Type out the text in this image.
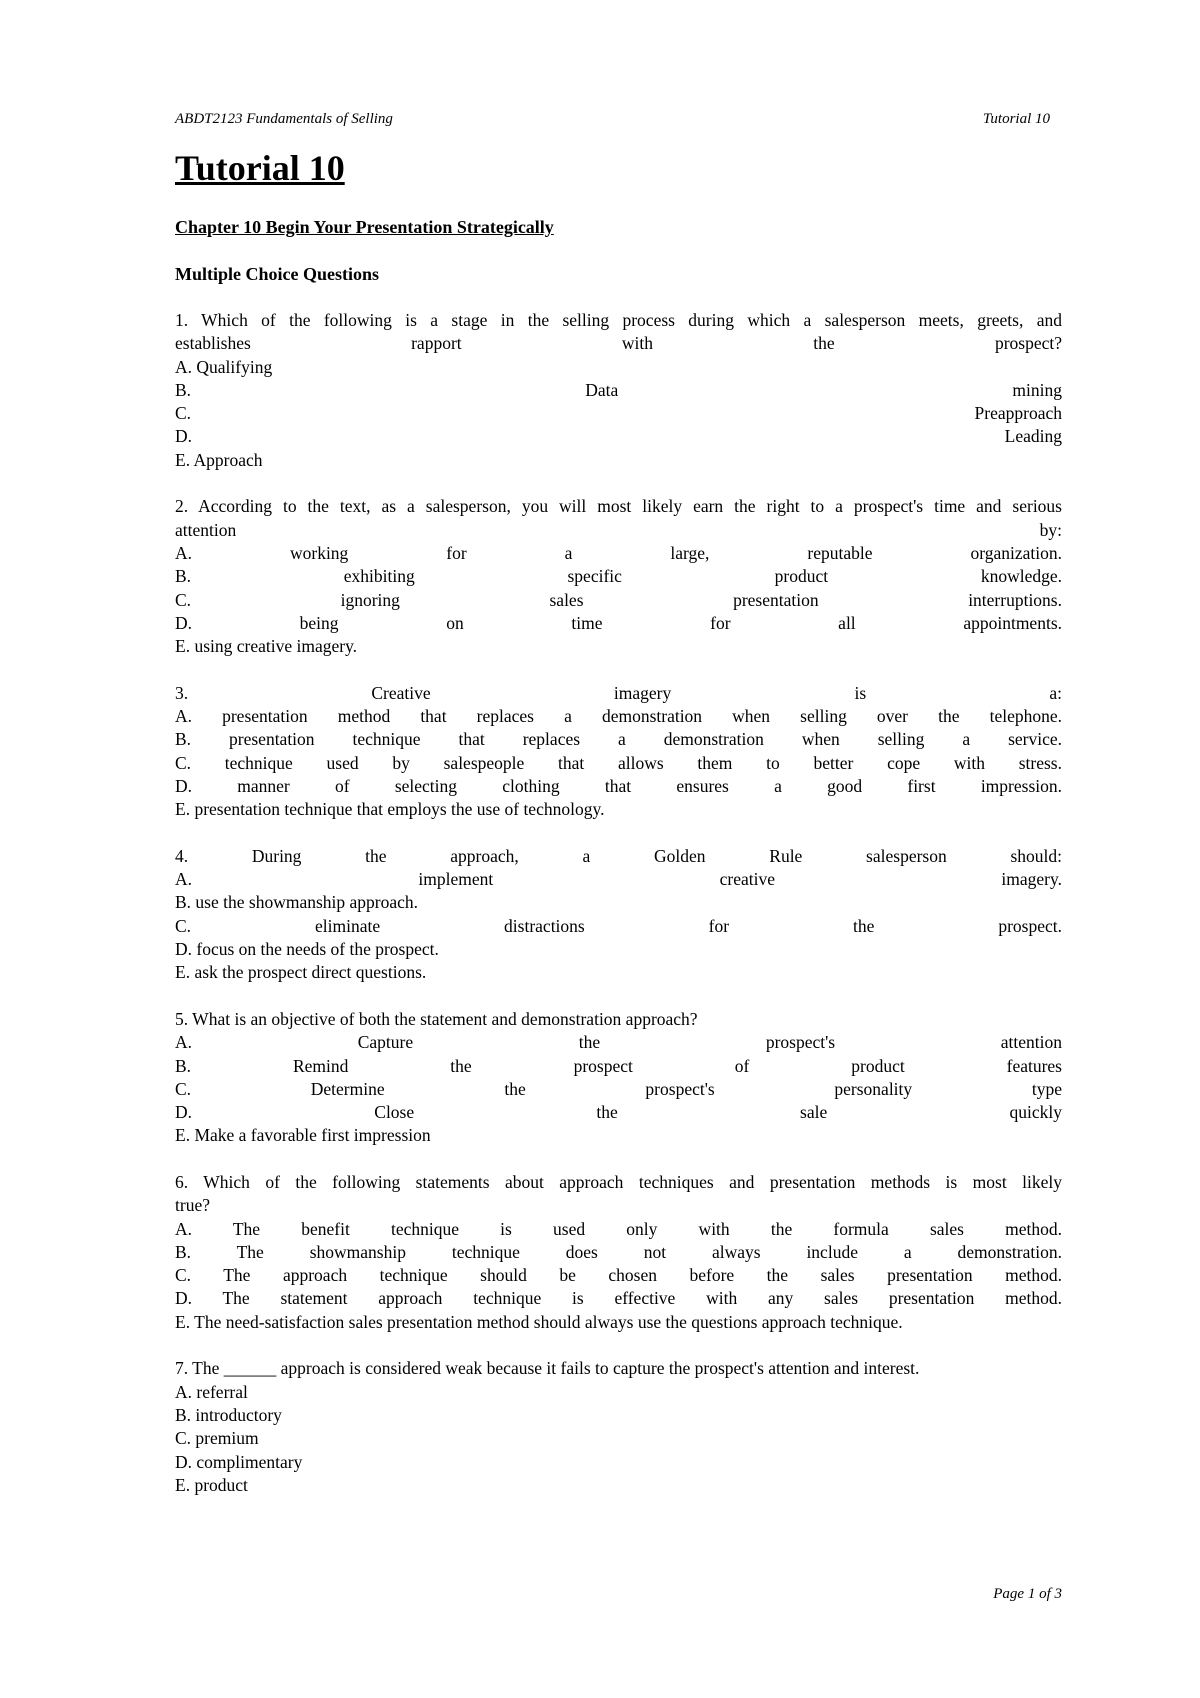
ABDT2123 Fundamentals of Selling	Tutorial 10
Tutorial 10
Chapter 10 Begin Your Presentation Strategically
Multiple Choice Questions
1. Which of the following is a stage in the selling process during which a salesperson meets, greets, and
establishes rapport with the prospect?
A. Qualifying
B. Data mining
C. Preapproach
D. Leading
E. Approach
2. According to the text, as a salesperson, you will most likely earn the right to a prospect's time and serious
attention by:
A. working for a large, reputable organization.
B. exhibiting specific product knowledge.
C. ignoring sales presentation interruptions.
D. being on time for all appointments.
E. using creative imagery.
3. Creative imagery is a:
A. presentation method that replaces a demonstration when selling over the telephone.
B. presentation technique that replaces a demonstration when selling a service.
C. technique used by salespeople that allows them to better cope with stress.
D. manner of selecting clothing that ensures a good first impression.
E. presentation technique that employs the use of technology.
4. During the approach, a Golden Rule salesperson should:
A. implement creative imagery.
B. use the showmanship approach.
C. eliminate distractions for the prospect.
D. focus on the needs of the prospect.
E. ask the prospect direct questions.
5. What is an objective of both the statement and demonstration approach?
A. Capture the prospect's attention
B. Remind the prospect of product features
C. Determine the prospect's personality type
D. Close the sale quickly
E. Make a favorable first impression
6. Which of the following statements about approach techniques and presentation methods is most likely
true?
A. The benefit technique is used only with the formula sales method.
B. The showmanship technique does not always include a demonstration.
C. The approach technique should be chosen before the sales presentation method.
D. The statement approach technique is effective with any sales presentation method.
E. The need-satisfaction sales presentation method should always use the questions approach technique.
7. The ______ approach is considered weak because it fails to capture the prospect's attention and interest.
A. referral
B. introductory
C. premium
D. complimentary
E. product
Page 1 of 3
